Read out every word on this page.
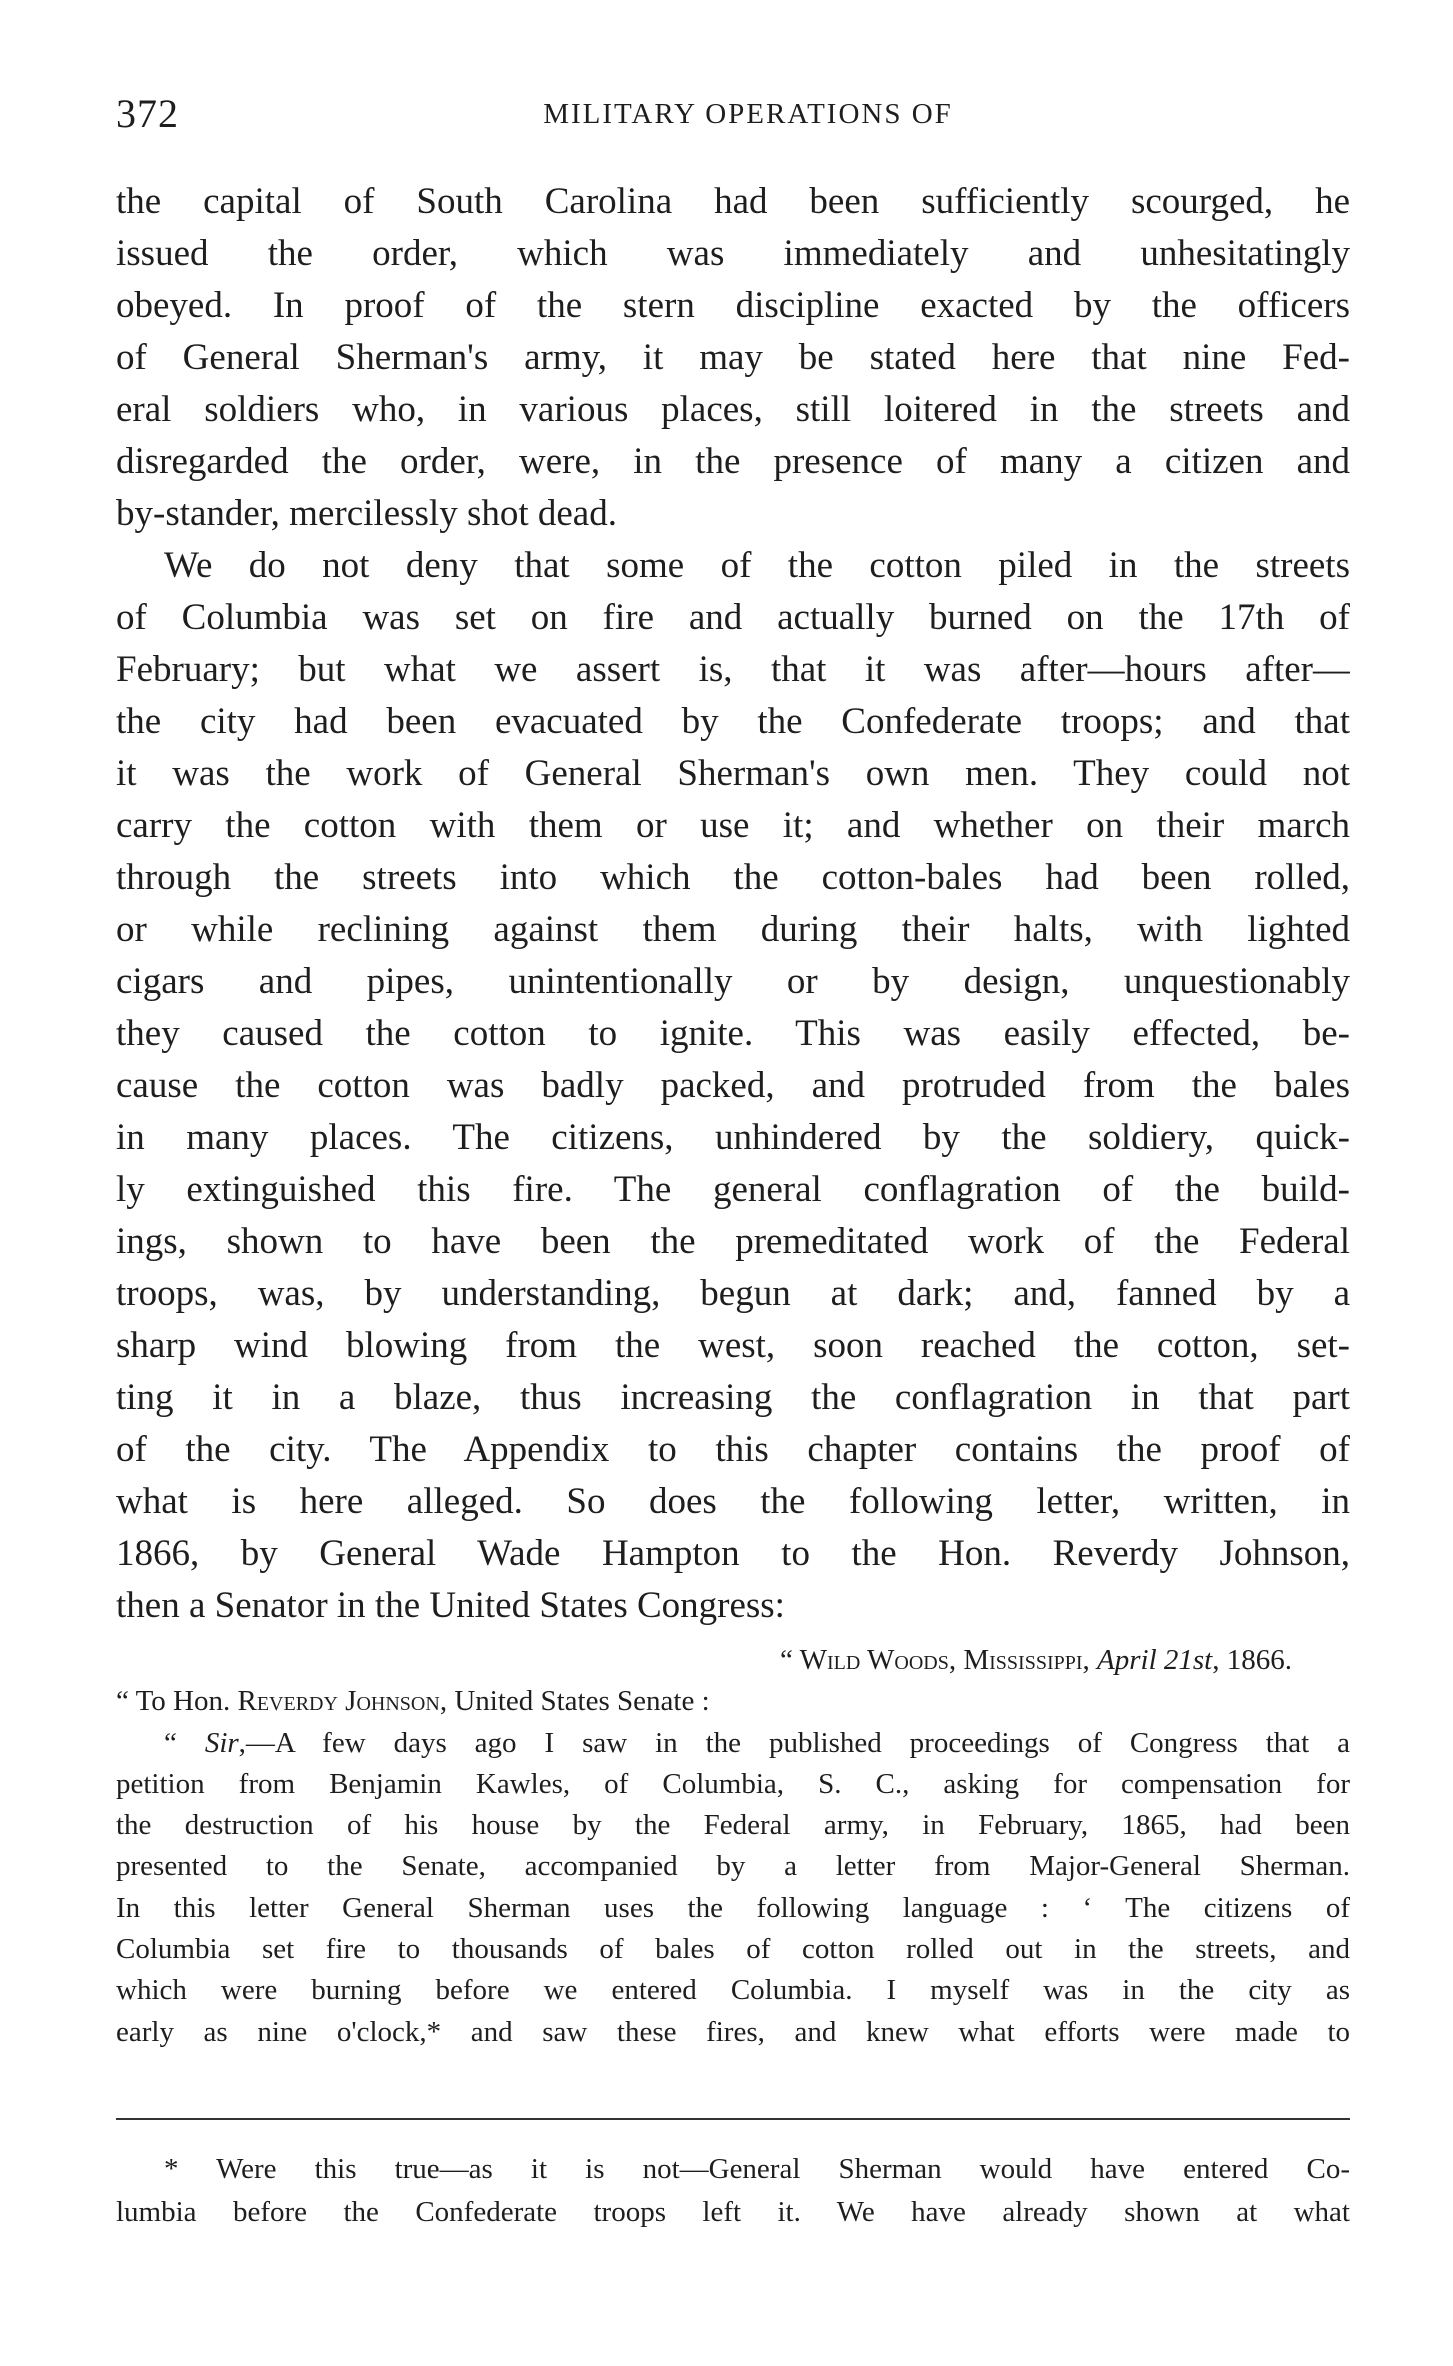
372	MILITARY OPERATIONS OF
the capital of South Carolina had been sufficiently scourged, he
issued the order, which was immediately and unhesitatingly
obeyed. In proof of the stern discipline exacted by the officers
of General Sherman's army, it may be stated here that nine Fed-
eral soldiers who, in various places, still loitered in the streets and
disregarded the order, were, in the presence of many a citizen and
by-stander, mercilessly shot dead.
We do not deny that some of the cotton piled in the streets
of Columbia was set on fire and actually burned on the 17th of
February; but what we assert is, that it was after—hours after—
the city had been evacuated by the Confederate troops; and that
it was the work of General Sherman's own men. They could not
carry the cotton with them or use it; and whether on their march
through the streets into which the cotton-bales had been rolled,
or while reclining against them during their halts, with lighted
cigars and pipes, unintentionally or by design, unquestionably
they caused the cotton to ignite. This was easily effected, be-
cause the cotton was badly packed, and protruded from the bales
in many places. The citizens, unhindered by the soldiery, quick-
ly extinguished this fire. The general conflagration of the build-
ings, shown to have been the premeditated work of the Federal
troops, was, by understanding, begun at dark; and, fanned by a
sharp wind blowing from the west, soon reached the cotton, set-
ting it in a blaze, thus increasing the conflagration in that part
of the city. The Appendix to this chapter contains the proof of
what is here alleged. So does the following letter, written, in
1866, by General Wade Hampton to the Hon. Reverdy Johnson,
then a Senator in the United States Congress:
“ Wild Woods, Mississippi, April 21st, 1866.
“ To Hon. Reverdy Johnson, United States Senate :
“ Sir,—A few days ago I saw in the published proceedings of Congress that a
petition from Benjamin Kawles, of Columbia, S. C., asking for compensation for
the destruction of his house by the Federal army, in February, 1865, had been
presented to the Senate, accompanied by a letter from Major-General Sherman.
In this letter General Sherman uses the following language : ‘ The citizens of
Columbia set fire to thousands of bales of cotton rolled out in the streets, and
which were burning before we entered Columbia. I myself was in the city as
early as nine o'clock,* and saw these fires, and knew what efforts were made to
* Were this true—as it is not—General Sherman would have entered Co-
lumbia before the Confederate troops left it. We have already shown at what
